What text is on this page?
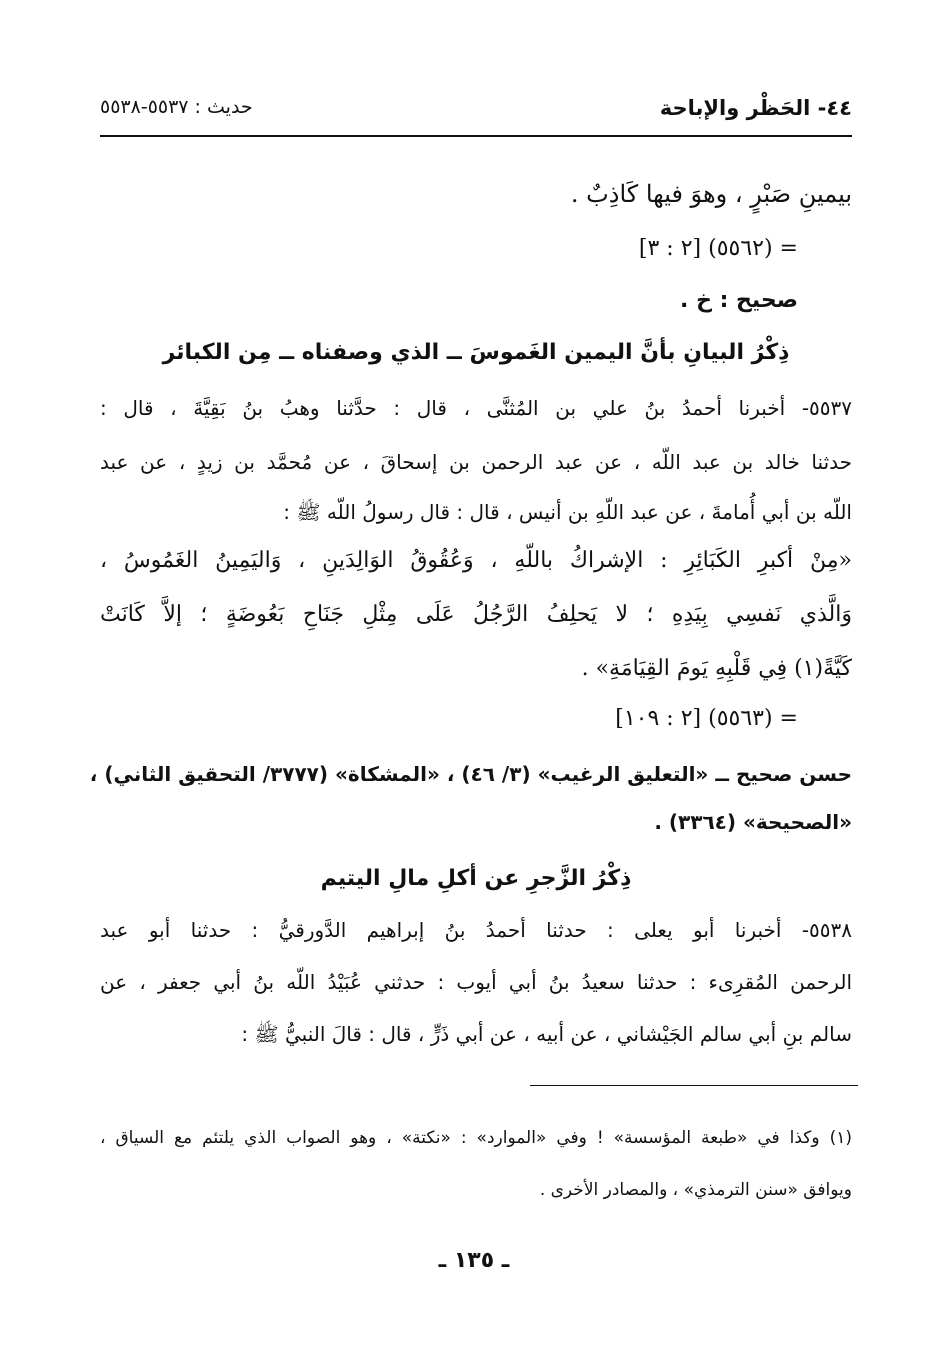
٤٤- الحَظْر والإباحة
حديث : ٥٥٣٧-٥٥٣٨
بيمينِ صَبْرٍ ، وهوَ فيها كَاذِبٌ .
= (٥٥٦٢) [٢ : ٣]
صحيح : خ .
ذِكْرُ البيانِ بأنَّ اليمين الغَموسَ ــ الذي وصفناه ــ مِن الكبائر
٥٥٣٧- أخبرنا أحمدُ بنُ علي بن المُثنَّى ، قال : حدَّثنا وهبُ بنُ بَقِيَّةَ ، قال :
حدثنا خالد بن عبد اللّه ، عن عبد الرحمن بن إسحاقَ ، عن مُحمَّد بن زيدٍ ، عن عبد
اللّه بن أبي أُمامةَ ، عن عبد اللّهِ بن أنيس ، قال : قال رسولُ اللّه ﷺ :
«مِنْ أكبرِ الكَبَائِرِ : الإشراكُ باللّهِ ، وَعُقُوقُ الوَالِدَينِ ، وَاليَمِينُ الغَمُوسُ ،
وَالَّذي نَفسِي بِيَدِهِ ؛ لا يَحلِفُ الرَّجُلُ عَلَى مِثْلِ جَنَاحِ بَعُوضَةٍ ؛ إلاَّ كَانَتْ
كَيَّةً(١) فِي قَلْبِهِ يَومَ القِيَامَةِ» .
= (٥٥٦٣) [٢ : ١٠٩]
حسن صحيح ــ «التعليق الرغيب» (٣/ ٤٦) ، «المشكاة» (٣٧٧٧/ التحقيق الثاني) ،
«الصحيحة» (٣٣٦٤) .
ذِكْرُ الزَّجرِ عن أكلِ مالِ اليتيم
٥٥٣٨- أخبرنا أبو يعلى : حدثنا أحمدُ بنُ إبراهيم الدَّورقيُّ : حدثنا أبو عبد
الرحمن المُقرِىء : حدثنا سعيدُ بنُ أبي أيوب : حدثني عُبَيْدُ اللّه بنُ أبي جعفر ، عن
سالم بنِ أبي سالم الجَيْشاني ، عن أبيه ، عن أبي ذَرٍّ ، قال : قالَ النبيُّ ﷺ :
(١) وكذا في «طبعة المؤسسة» ! وفي «الموارد» : «نكتة» ، وهو الصواب الذي يلتئم مع السياق ،
ويوافق «سنن الترمذي» ، والمصادر الأخرى .
ـ ١٣٥ ـ
